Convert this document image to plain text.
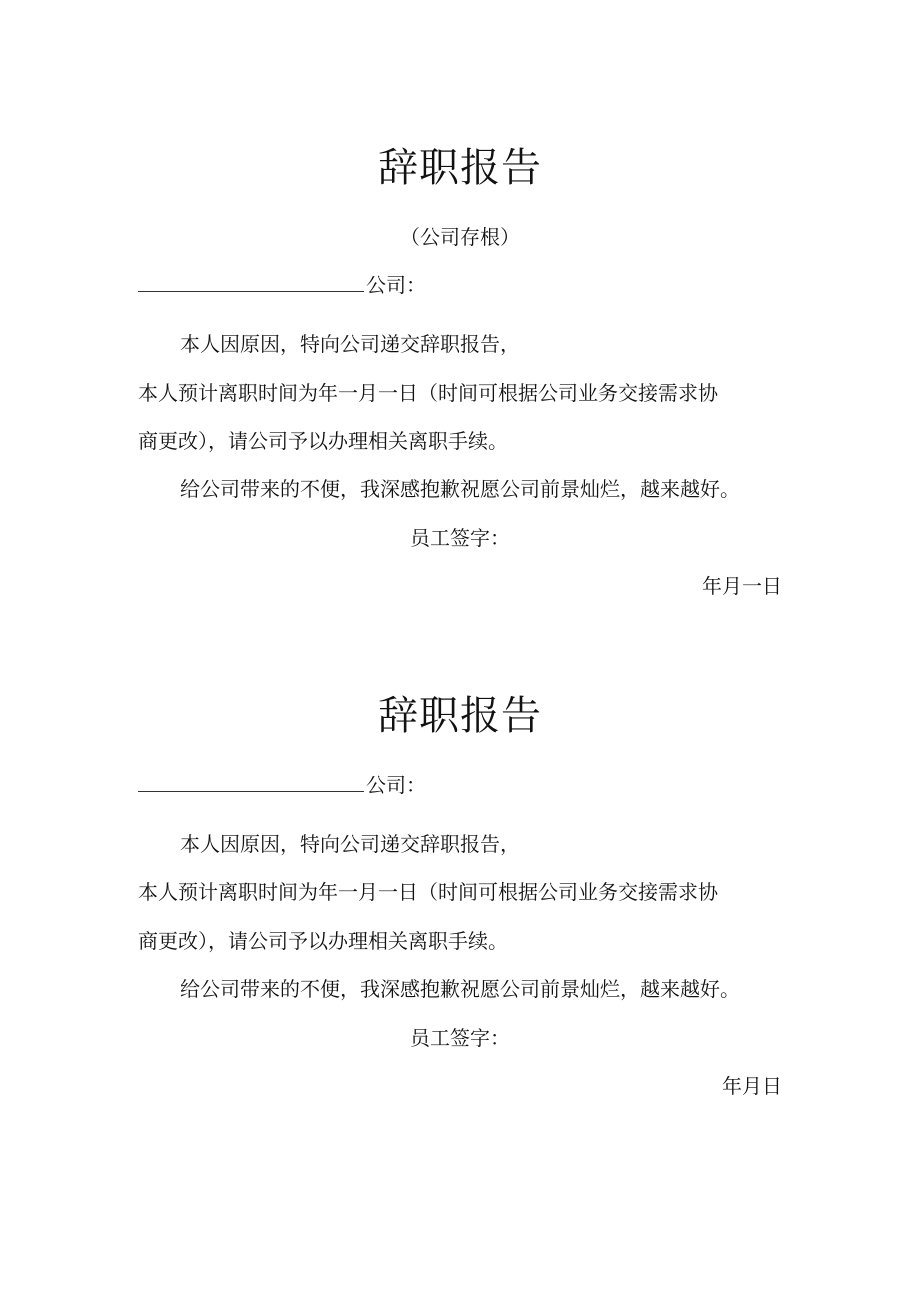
辞职报告
（公司存根）
公司：
本人因原因，特向公司递交辞职报告，
本人预计离职时间为年一月一日（时间可根据公司业务交接需求协
商更改），请公司予以办理相关离职手续。
给公司带来的不便，我深感抱歉祝愿公司前景灿烂，越来越好。
员工签字：
年月一日
辞职报告
公司：
本人因原因，特向公司递交辞职报告，
本人预计离职时间为年一月一日（时间可根据公司业务交接需求协
商更改），请公司予以办理相关离职手续。
给公司带来的不便，我深感抱歉祝愿公司前景灿烂，越来越好。
员工签字：
年月日
